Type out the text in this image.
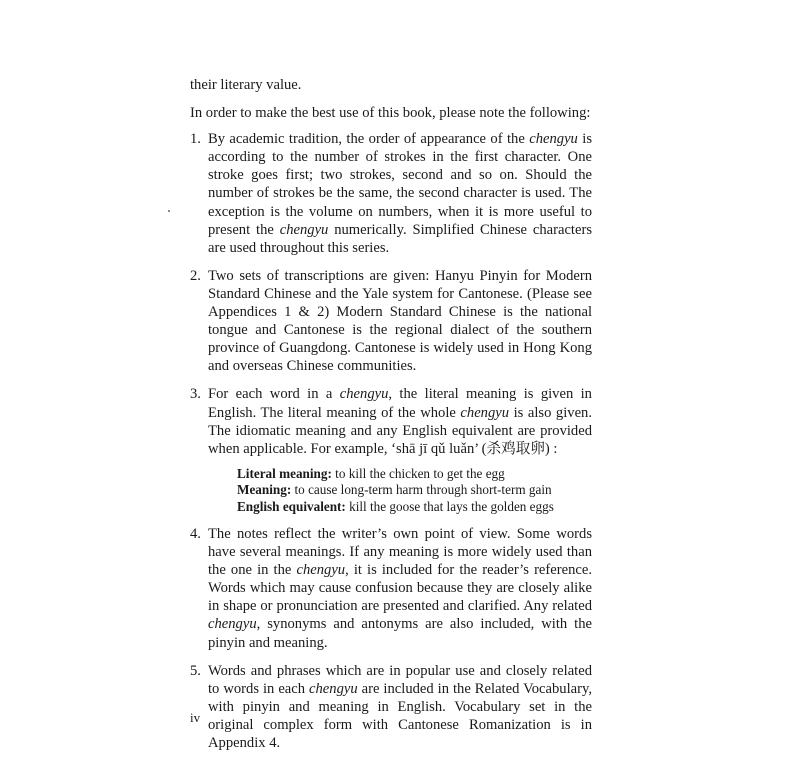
their literary value.

In order to make the best use of this book, please note the following:

1. By academic tradition, the order of appearance of the chengyu is according to the number of strokes in the first character. One stroke goes first; two strokes, second and so on. Should the number of strokes be the same, the second character is used. The exception is the volume on numbers, when it is more useful to present the chengyu numerically. Simplified Chinese characters are used throughout this series.
2. Two sets of transcriptions are given: Hanyu Pinyin for Modern Standard Chinese and the Yale system for Cantonese. (Please see Appendices 1 & 2) Modern Standard Chinese is the national tongue and Cantonese is the regional dialect of the southern province of Guangdong. Cantonese is widely used in Hong Kong and overseas Chinese communities.
3. For each word in a chengyu, the literal meaning is given in English. The literal meaning of the whole chengyu is also given. The idiomatic meaning and any English equivalent are provided when applicable. For example, ‘shā jī qǔ luǎn’ (杀鸡取卵) :
Literal meaning: to kill the chicken to get the egg
Meaning: to cause long-term harm through short-term gain
English equivalent: kill the goose that lays the golden eggs
4. The notes reflect the writer’s own point of view. Some words have several meanings. If any meaning is more widely used than the one in the chengyu, it is included for the reader’s reference. Words which may cause confusion because they are closely alike in shape or pronunciation are presented and clarified. Any related chengyu, synonyms and antonyms are also included, with the pinyin and meaning.
5. Words and phrases which are in popular use and closely related to words in each chengyu are included in the Related Vocabulary, with pinyin and meaning in English. Vocabulary set in the original complex form with Cantonese Romanization is in Appendix 4.
iv
